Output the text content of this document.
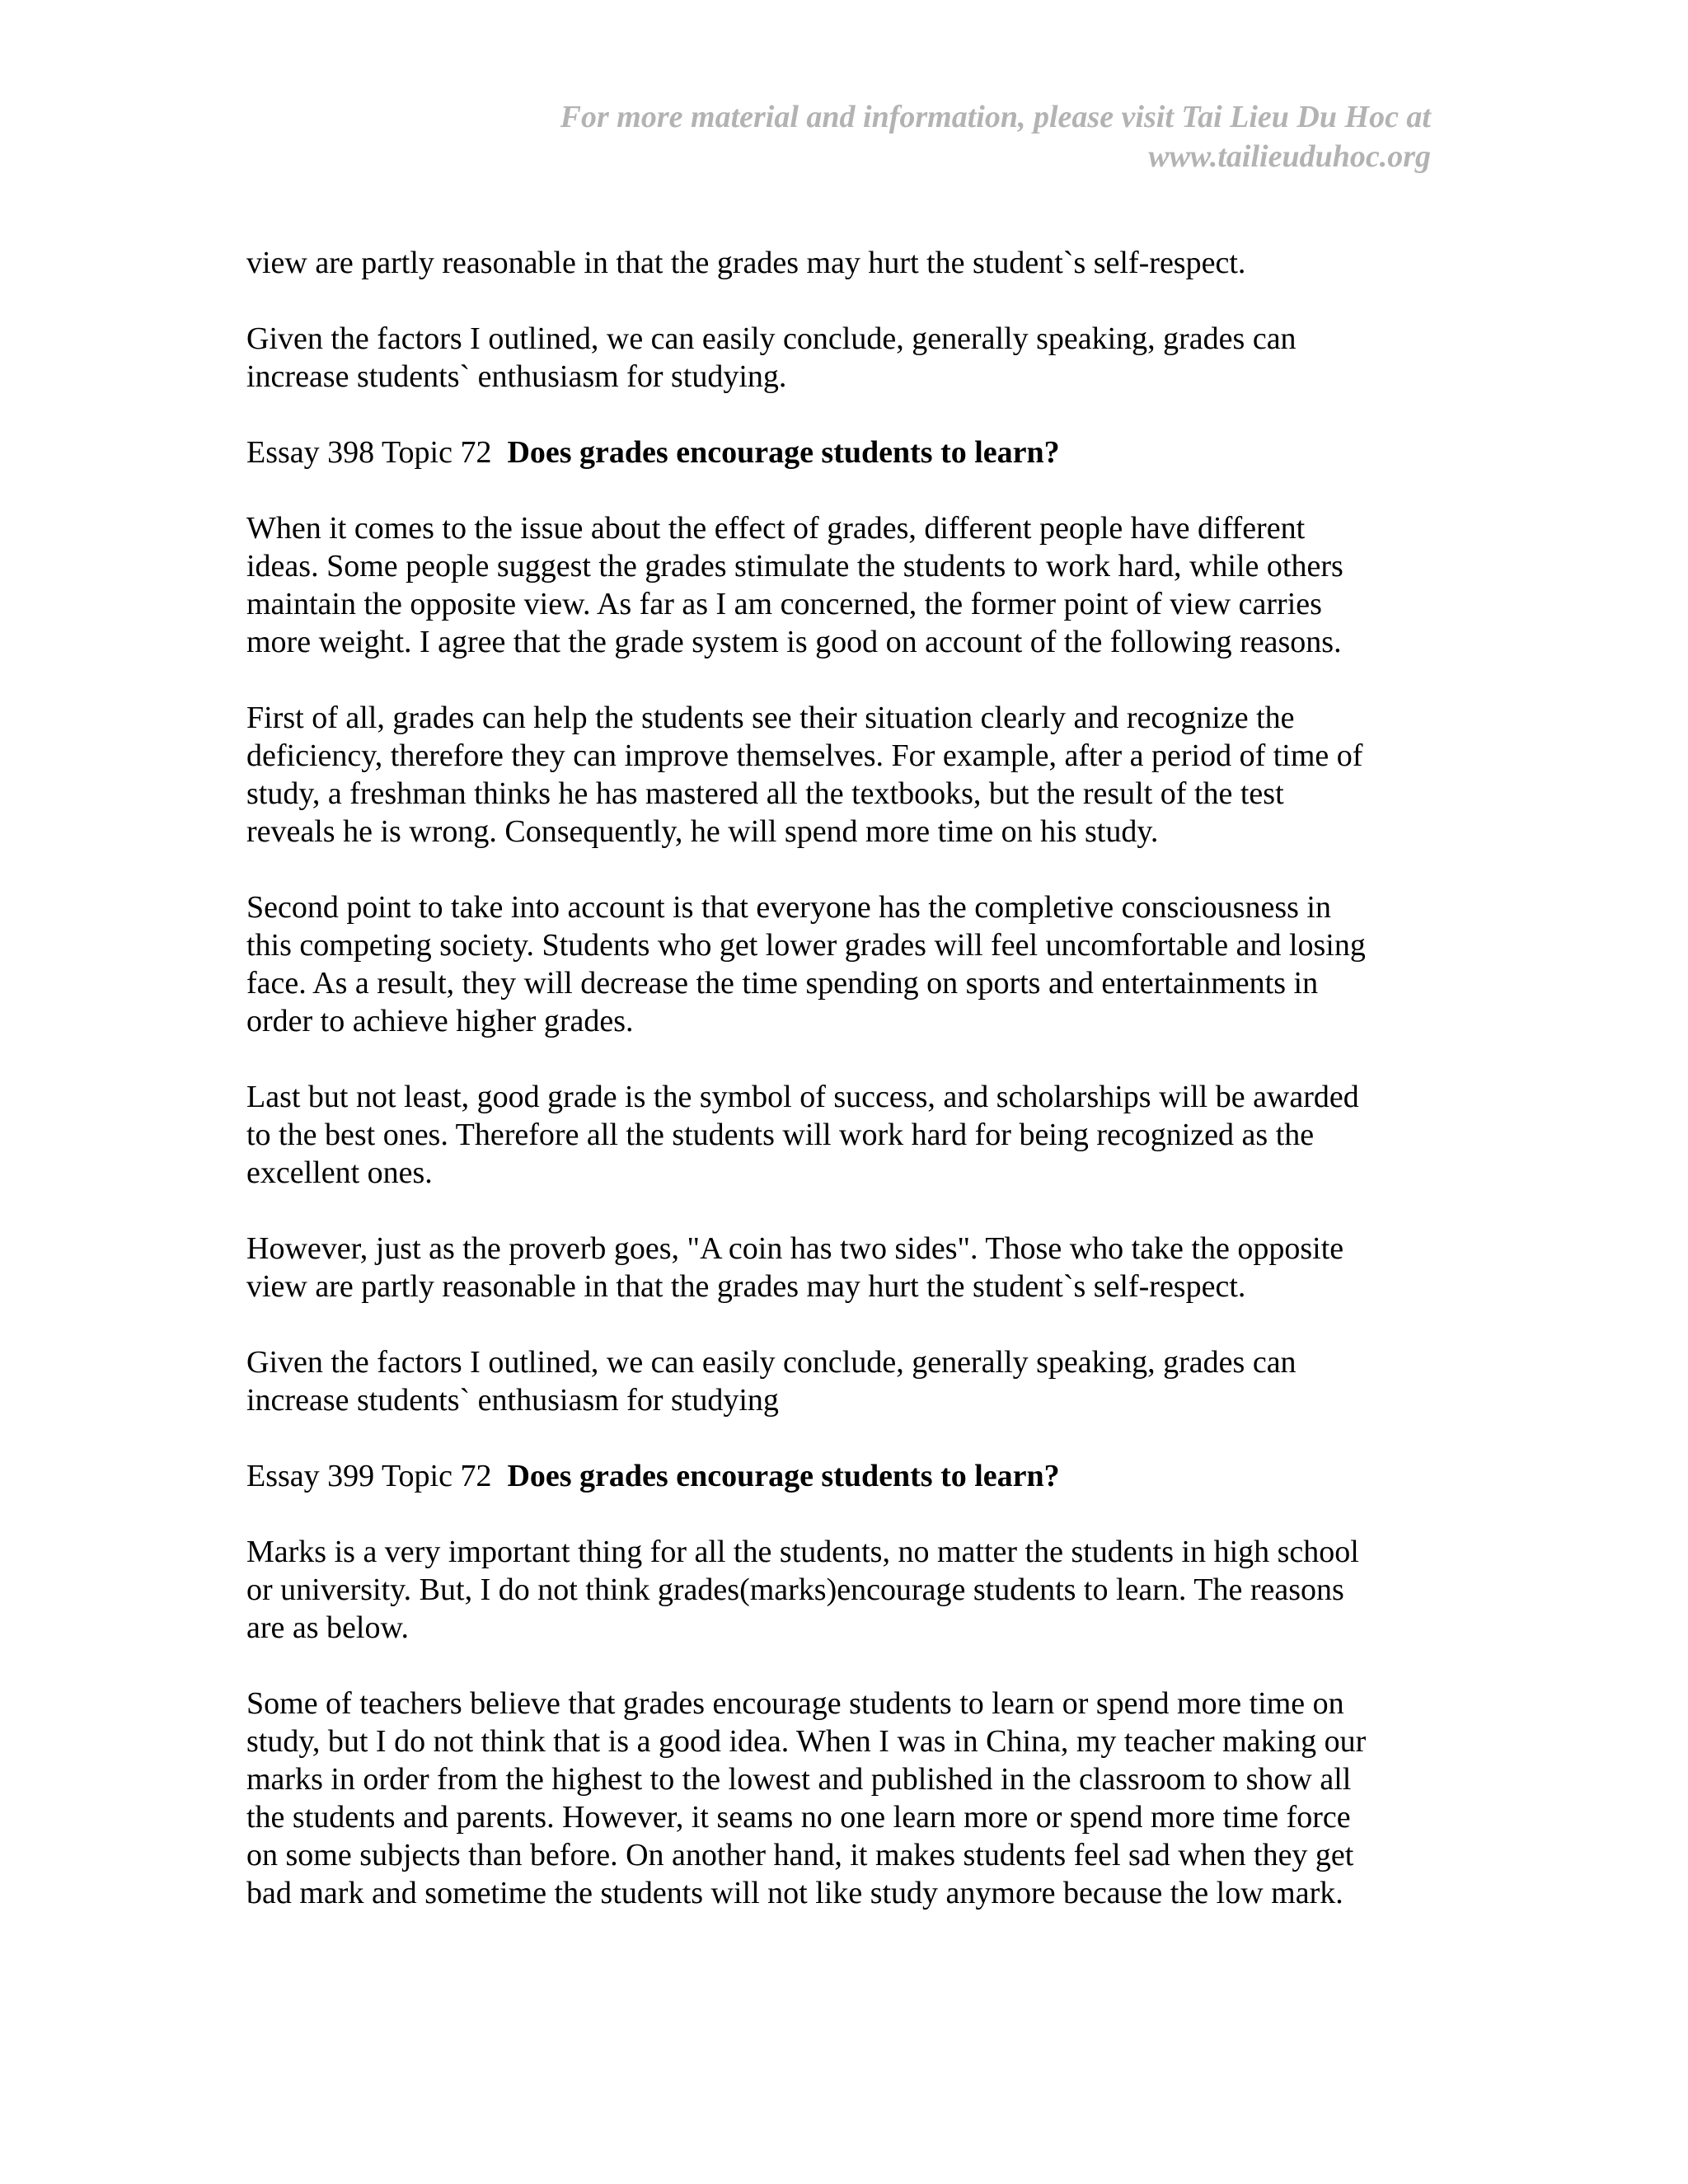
For more material and information, please visit Tai Lieu Du Hoc at
www.tailieuduhoc.org
view are partly reasonable in that the grades may hurt the student`s self-respect.
Given the factors I outlined, we can easily conclude, generally speaking, grades can
increase students` enthusiasm for studying.
Essay 398 Topic 72 Does grades encourage students to learn?
When it comes to the issue about the effect of grades, different people have different
ideas. Some people suggest the grades stimulate the students to work hard, while others
maintain the opposite view. As far as I am concerned, the former point of view carries
more weight. I agree that the grade system is good on account of the following reasons.
First of all, grades can help the students see their situation clearly and recognize the
deficiency, therefore they can improve themselves. For example, after a period of time of
study, a freshman thinks he has mastered all the textbooks, but the result of the test
reveals he is wrong. Consequently, he will spend more time on his study.
Second point to take into account is that everyone has the completive consciousness in
this competing society. Students who get lower grades will feel uncomfortable and losing
face. As a result, they will decrease the time spending on sports and entertainments in
order to achieve higher grades.
Last but not least, good grade is the symbol of success, and scholarships will be awarded
to the best ones. Therefore all the students will work hard for being recognized as the
excellent ones.
However, just as the proverb goes, "A coin has two sides". Those who take the opposite
view are partly reasonable in that the grades may hurt the student`s self-respect.
Given the factors I outlined, we can easily conclude, generally speaking, grades can
increase students` enthusiasm for studying
Essay 399 Topic 72 Does grades encourage students to learn?
Marks is a very important thing for all the students, no matter the students in high school
or university. But, I do not think grades(marks)encourage students to learn. The reasons
are as below.
Some of teachers believe that grades encourage students to learn or spend more time on
study, but I do not think that is a good idea. When I was in China, my teacher making our
marks in order from the highest to the lowest and published in the classroom to show all
the students and parents. However, it seams no one learn more or spend more time force
on some subjects than before. On another hand, it makes students feel sad when they get
bad mark and sometime the students will not like study anymore because the low mark.
